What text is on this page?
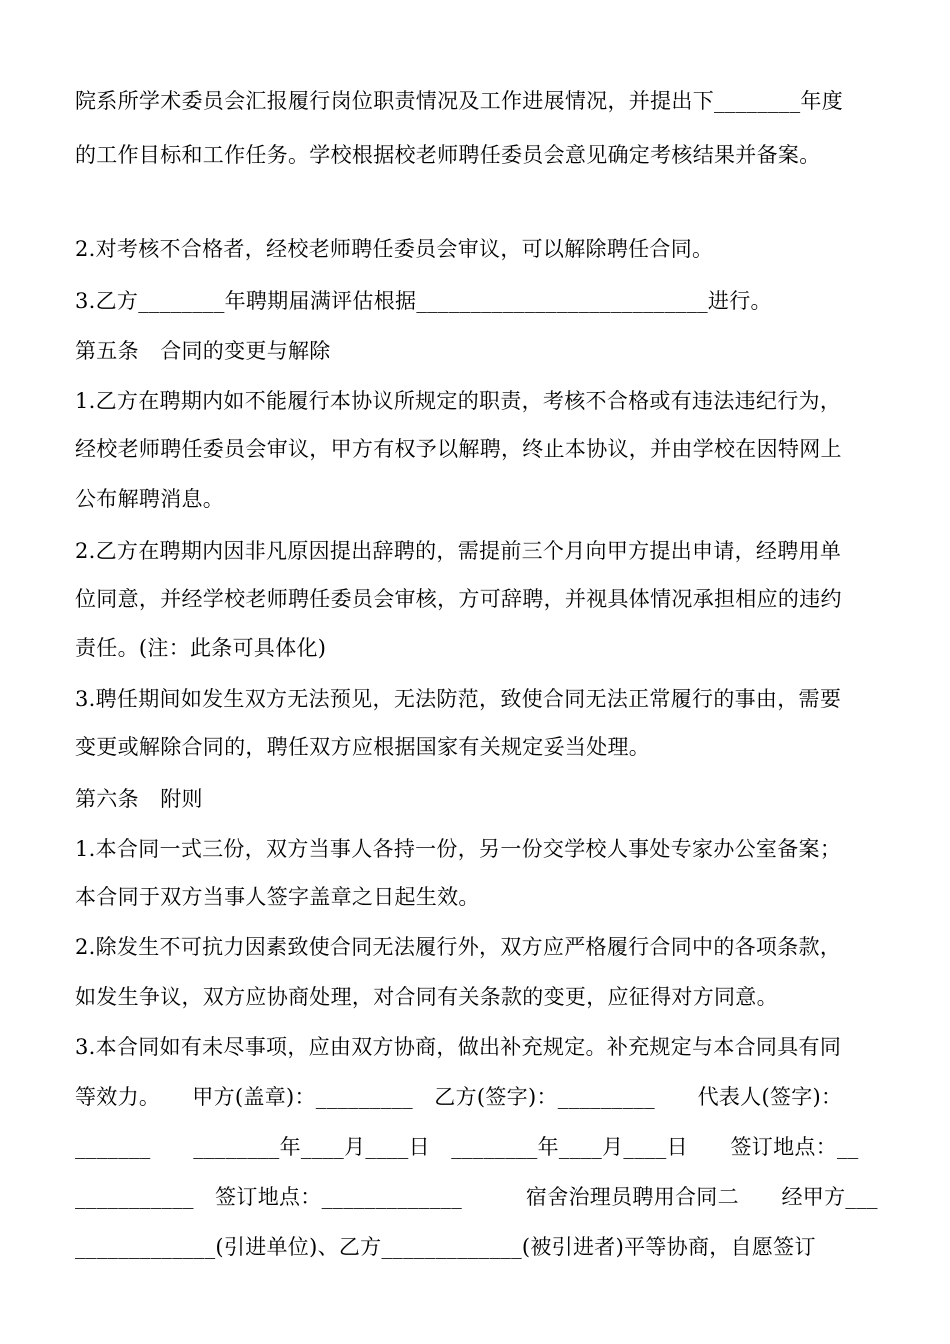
院系所学术委员会汇报履行岗位职责情况及工作进展情况，并提出下________年度
的工作目标和工作任务。学校根据校老师聘任委员会意见确定考核结果并备案。
2.对考核不合格者，经校老师聘任委员会审议，可以解除聘任合同。
3.乙方________年聘期届满评估根据___________________________进行。
第五条　合同的变更与解除
1.乙方在聘期内如不能履行本协议所规定的职责，考核不合格或有违法违纪行为，
经校老师聘任委员会审议，甲方有权予以解聘，终止本协议，并由学校在因特网上
公布解聘消息。
2.乙方在聘期内因非凡原因提出辞聘的，需提前三个月向甲方提出申请，经聘用单
位同意，并经学校老师聘任委员会审核，方可辞聘，并视具体情况承担相应的违约
责任。(注：此条可具体化)
3.聘任期间如发生双方无法预见，无法防范，致使合同无法正常履行的事由，需要
变更或解除合同的，聘任双方应根据国家有关规定妥当处理。
第六条　附则
1.本合同一式三份，双方当事人各持一份，另一份交学校人事处专家办公室备案；
本合同于双方当事人签字盖章之日起生效。
2.除发生不可抗力因素致使合同无法履行外，双方应严格履行合同中的各项条款，
如发生争议，双方应协商处理，对合同有关条款的变更，应征得对方同意。
3.本合同如有未尽事项，应由双方协商，做出补充规定。补充规定与本合同具有同
等效力。　　甲方(盖章)：_________　乙方(签字)：_________　　代表人(签字)：
_______　　________年____月____日　________年____月____日　　签订地点：__
___________　签订地点：_____________　　　宿舍治理员聘用合同二　　经甲方___
_____________(引进单位)、乙方_____________(被引进者)平等协商，自愿签订
